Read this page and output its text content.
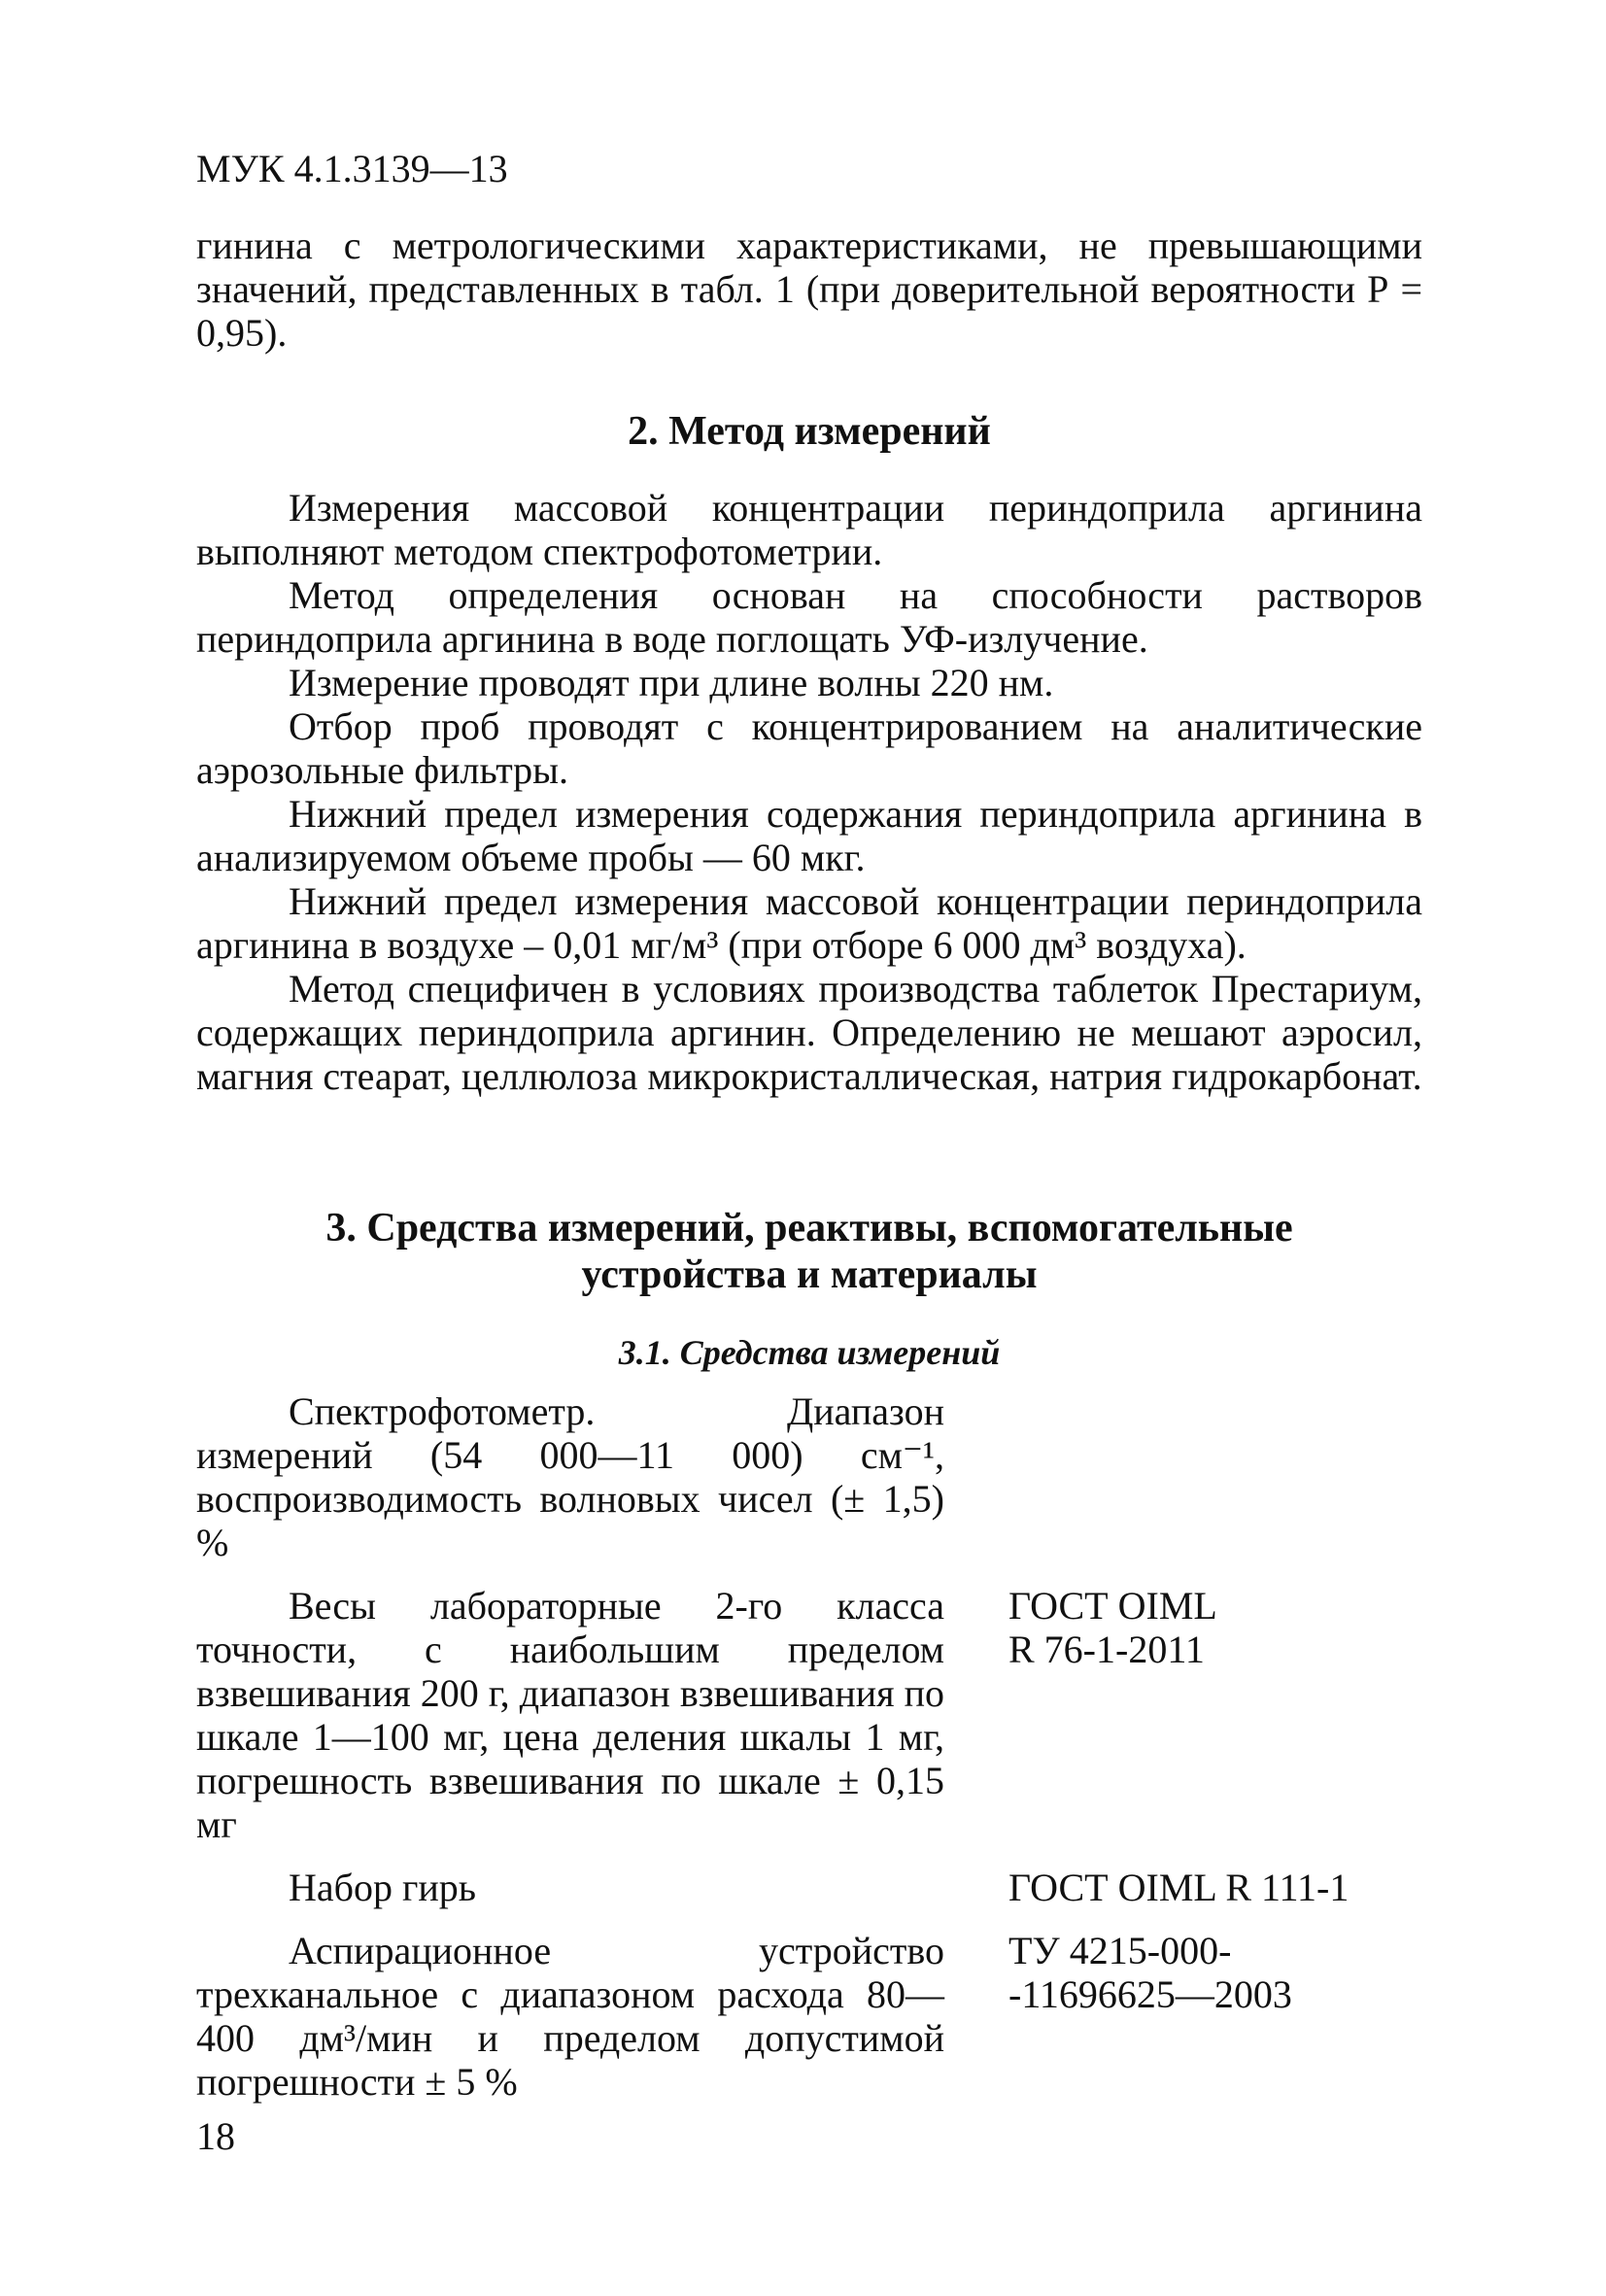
МУК 4.1.3139—13
гинина с метрологическими характеристиками, не превышающими значений, представленных в табл. 1 (при доверительной вероятности Р = 0,95).
2. Метод измерений

Измерения массовой концентрации периндоприла аргинина выполняют методом спектрофотометрии.

Метод определения основан на способности растворов периндоприла аргинина в воде поглощать УФ-излучение.

Измерение проводят при длине волны 220 нм.

Отбор проб проводят с концентрированием на аналитические аэрозольные фильтры.

Нижний предел измерения содержания периндоприла аргинина в анализируемом объеме пробы — 60 мкг.

Нижний предел измерения массовой концентрации периндоприла аргинина в воздухе – 0,01 мг/м³ (при отборе 6 000 дм³ воздуха).

Метод специфичен в условиях производства таблеток Престариум, содержащих периндоприла аргинин. Определению не мешают аэросил, магния стеарат, целлюлоза микрокристаллическая, натрия гидрокарбонат.

3. Средства измерений, реактивы, вспомогательные
устройства и материалы
3.1. Средства измерений
Спектрофотометр. Диапазон измерений (54 000—11 000) см⁻¹, воспроизводимость волновых чисел (± 1,5) %
Весы лабораторные 2-го класса точности, с наибольшим пределом взвешивания 200 г, диапазон взвешивания по шкале 1—100 мг, цена деления шкалы 1 мг, погрешность взвешивания по шкале ± 0,15 мг
ГОСТ OIML
R 76-1-2011
Набор гирь	ГОСТ OIML R 111-1
Аспирационное устройство трехканальное с диапазоном расхода 80—400 дм³/мин и пределом допустимой погрешности ± 5 %
ТУ 4215-000-
-11696625—2003
18
